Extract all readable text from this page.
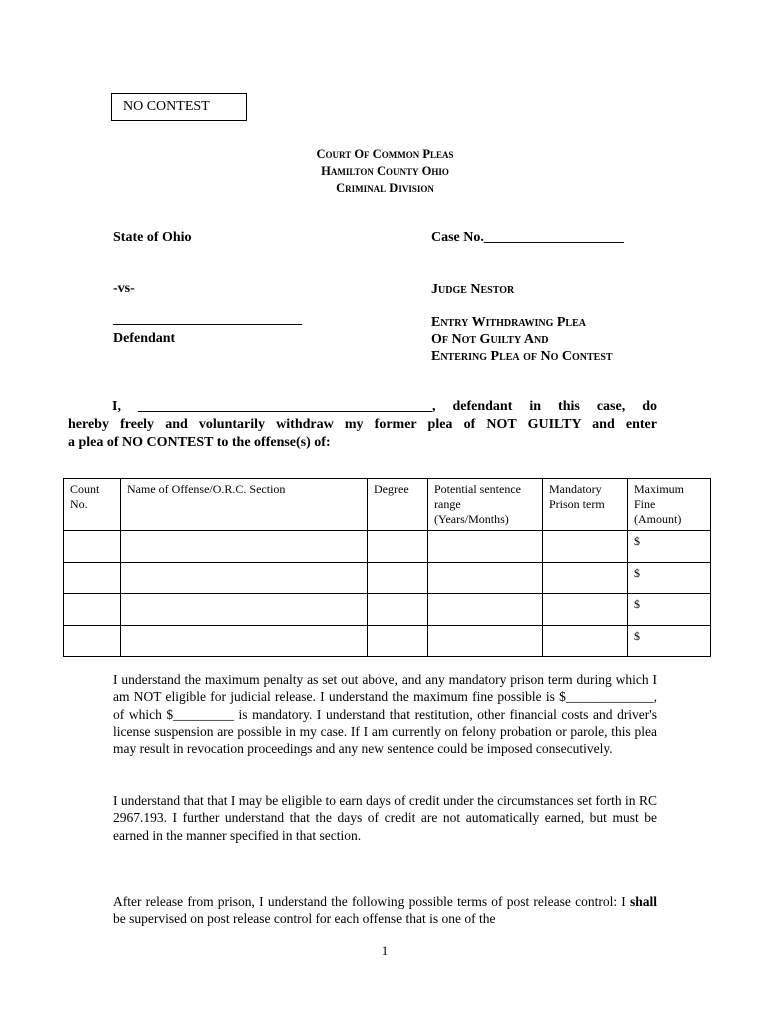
NO CONTEST
Court Of Common Pleas
Hamilton County Ohio
Criminal Division
State of Ohio	Case No.____________________
-vs-	Judge Nestor
___________________________
Defendant
Entry Withdrawing Plea
Of Not Guilty And
Entering Plea of No Contest
I, __________________________________________, defendant in this case, do
hereby freely and voluntarily withdraw my former plea of NOT GUILTY and enter
a plea of NO CONTEST to the offense(s) of:
Count No.	Name of Offense/O.R.C. Section	Degree	Potential sentence range (Years/Months)	Mandatory Prison term	Maximum Fine (Amount)
					$
					$
					$
					$
I understand the maximum penalty as set out above, and any mandatory prison term during which I am NOT eligible for judicial release. I understand the maximum fine possible is $_____________, of which $_________ is mandatory. I understand that restitution, other financial costs and driver's license suspension are possible in my case. If I am currently on felony probation or parole, this plea may result in revocation proceedings and any new sentence could be imposed consecutively.
I understand that that I may be eligible to earn days of credit under the circumstances set forth in RC 2967.193. I further understand that the days of credit are not automatically earned, but must be earned in the manner specified in that section.
After release from prison, I understand the following possible terms of post release control: I shall be supervised on post release control for each offense that is one of the
1
